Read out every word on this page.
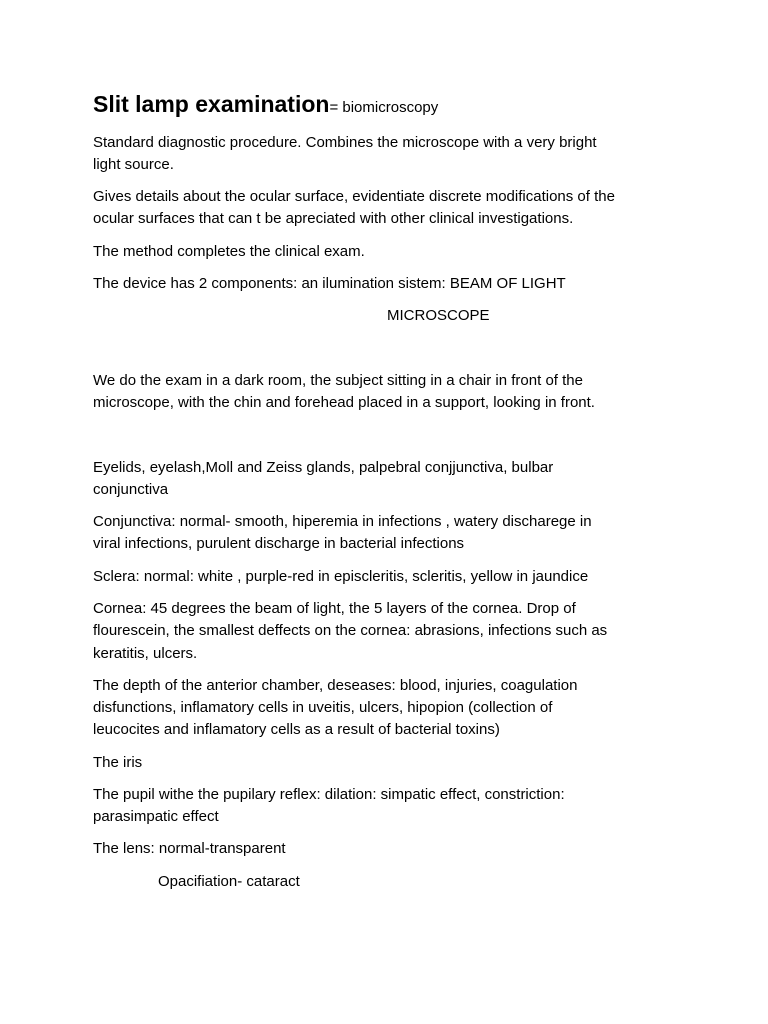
Slit lamp examination= biomicroscopy
Standard diagnostic procedure. Combines the microscope with a very bright
light source.
Gives details about the ocular surface, evidentiate discrete modifications of the
ocular surfaces that can t be apreciated with other clinical investigations.
The method completes the clinical exam.
The device has 2 components: an ilumination sistem: BEAM OF LIGHT
MICROSCOPE
We do the exam in a dark room, the subject sitting in a chair in front of the
microscope, with the chin and forehead placed in a support, looking in front.
Eyelids, eyelash,Moll and Zeiss glands, palpebral conjjunctiva, bulbar
conjunctiva
Conjunctiva: normal- smooth, hiperemia in infections , watery discharege in
viral infections, purulent discharge in bacterial infections
Sclera: normal: white , purple-red in episcleritis, scleritis, yellow in jaundice
Cornea: 45 degrees the beam of light, the 5 layers of the cornea. Drop of
flourescein, the smallest deffects on the cornea: abrasions, infections such as
keratitis, ulcers.
The depth of the anterior chamber, deseases: blood, injuries, coagulation
disfunctions, inflamatory cells in uveitis, ulcers, hipopion (collection of
leucocites and inflamatory cells as a result of bacterial toxins)
The iris
The pupil withe the pupilary reflex: dilation: simpatic effect, constriction:
parasimpatic effect
The lens: normal-transparent
Opacifiation- cataract
